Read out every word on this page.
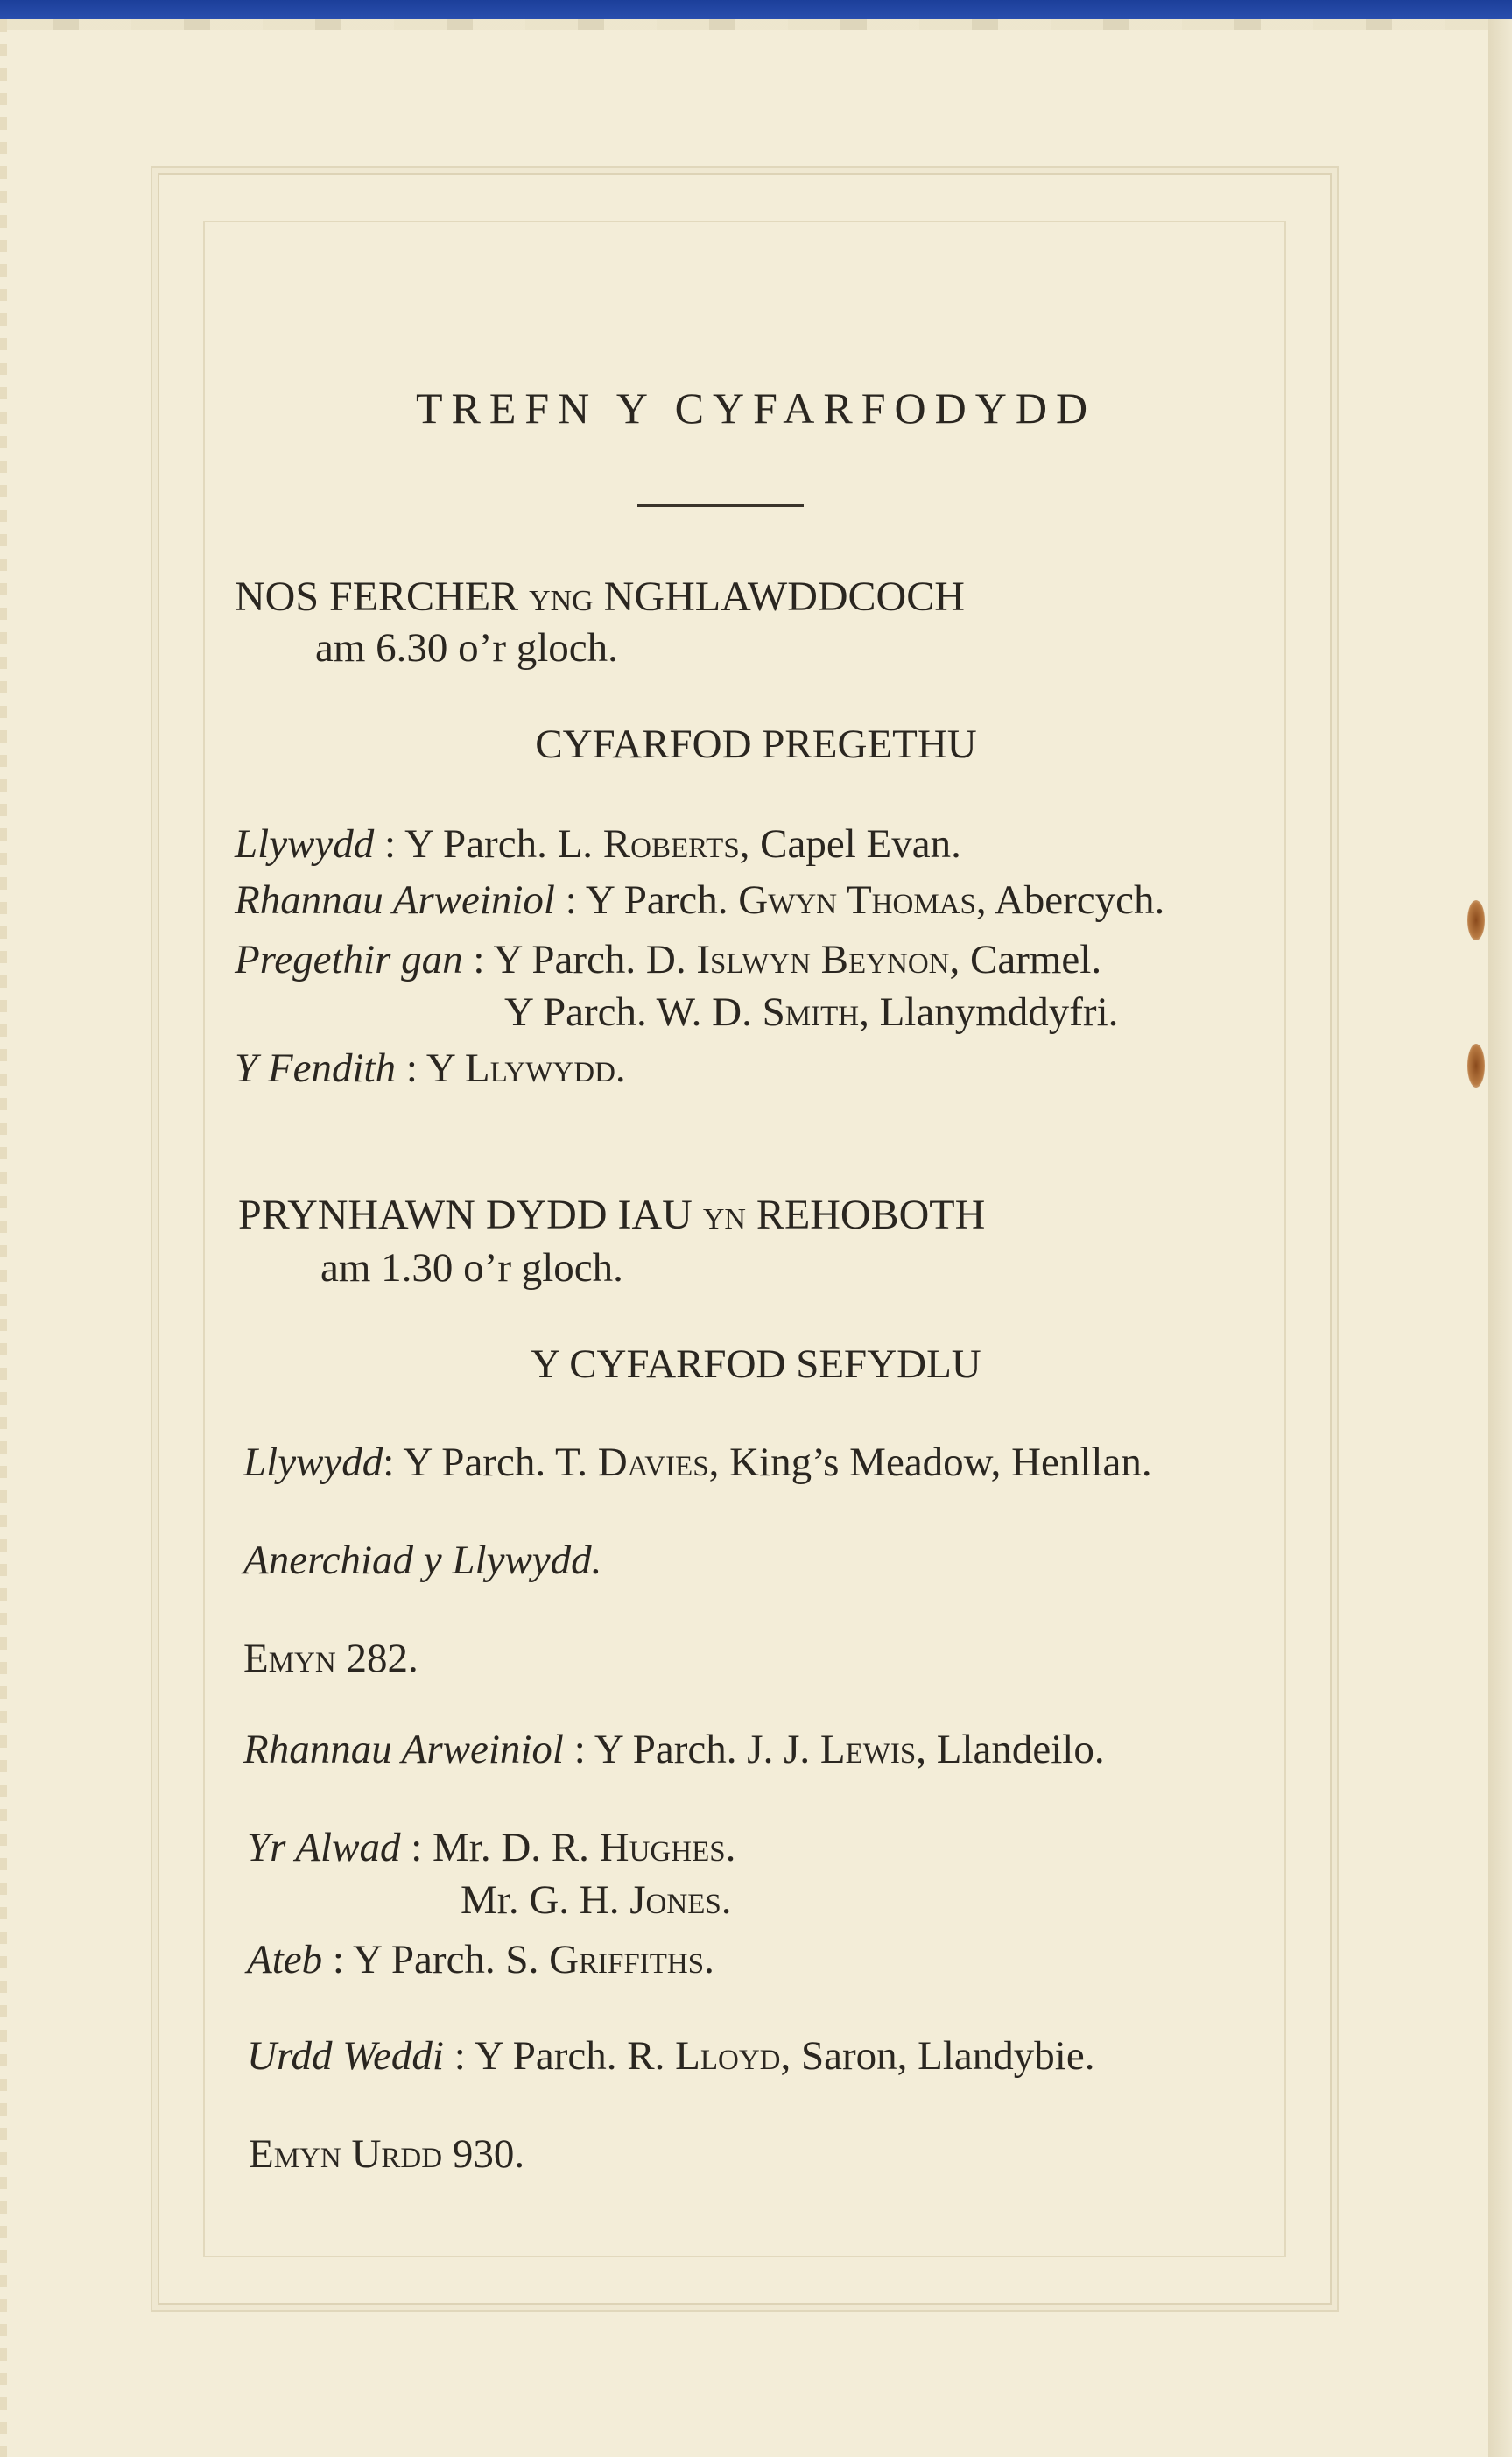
TREFN Y CYFARFODYDD
NOS FERCHER yng NGHLAWDDCOCH
am 6.30 o’r gloch.
CYFARFOD PREGETHU
Llywydd : Y Parch. L. Roberts, Capel Evan.
Rhannau Arweiniol : Y Parch. Gwyn Thomas, Abercych.
Pregethir gan : Y Parch. D. Islwyn Beynon, Carmel.
Y Parch. W. D. Smith, Llanymddyfri.
Y Fendith : Y Llywydd.
PRYNHAWN DYDD IAU yn REHOBOTH
am 1.30 o’r gloch.
Y CYFARFOD SEFYDLU
Llywydd: Y Parch. T. Davies, King’s Meadow, Henllan.
Anerchiad y Llywydd.
Emyn 282.
Rhannau Arweiniol : Y Parch. J. J. Lewis, Llandeilo.
Yr Alwad : Mr. D. R. Hughes.
Mr. G. H. Jones.
Ateb : Y Parch. S. Griffiths.
Urdd Weddi : Y Parch. R. Lloyd, Saron, Llandybie.
Emyn Urdd 930.
